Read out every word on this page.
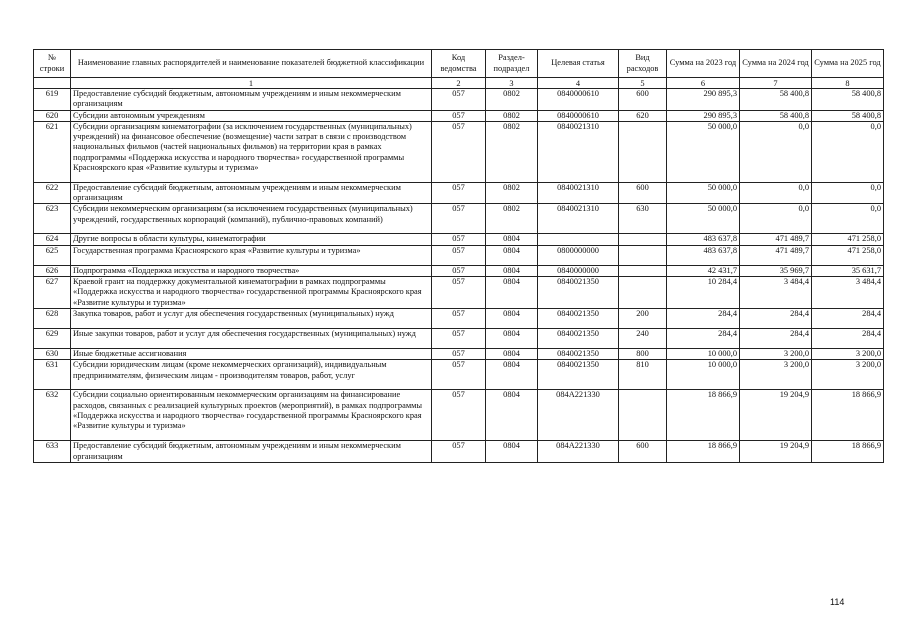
№ строки	Наименование главных распорядителей и наименование показателей бюджетной классификации	Код ведомства	Раздел-подраздел	Целевая статья	Вид расходов	Сумма на 2023 год	Сумма на 2024 год	Сумма на 2025 год
	1	2	3	4	5	6	7	8
619	Предоставление субсидий бюджетным, автономным учреждениям и иным некоммерческим организациям	057	0802	0840000610	600	290 895,3	58 400,8	58 400,8
620	Субсидии автономным учреждениям	057	0802	0840000610	620	290 895,3	58 400,8	58 400,8
621	Субсидии организациям кинематографии (за исключением государственных (муниципальных) учреждений) на финансовое обеспечение (возмещение) части затрат в связи с производством национальных фильмов (частей национальных фильмов) на территории края в рамках подпрограммы «Поддержка искусства и народного творчества» государственной программы Красноярского края «Развитие культуры и туризма»	057	0802	0840021310		50 000,0	0,0	0,0
622	Предоставление субсидий бюджетным, автономным учреждениям и иным некоммерческим организациям	057	0802	0840021310	600	50 000,0	0,0	0,0
623	Субсидии некоммерческим организациям (за исключением государственных (муниципальных) учреждений, государственных корпораций (компаний), публично-правовых компаний)	057	0802	0840021310	630	50 000,0	0,0	0,0
624	Другие вопросы в области культуры, кинематографии	057	0804			483 637,8	471 489,7	471 258,0
625	Государственная программа Красноярского края «Развитие культуры и туризма»	057	0804	0800000000		483 637,8	471 489,7	471 258,0
626	Подпрограмма «Поддержка искусства и народного творчества»	057	0804	0840000000		42 431,7	35 969,7	35 631,7
627	Краевой грант на поддержку документальной кинематографии в рамках подпрограммы «Поддержка искусства и народного творчества» государственной программы Красноярского края «Развитие культуры и туризма»	057	0804	0840021350		10 284,4	3 484,4	3 484,4
628	Закупка товаров, работ и услуг для обеспечения государственных (муниципальных) нужд	057	0804	0840021350	200	284,4	284,4	284,4
629	Иные закупки товаров, работ и услуг для обеспечения государственных (муниципальных) нужд	057	0804	0840021350	240	284,4	284,4	284,4
630	Иные бюджетные ассигнования	057	0804	0840021350	800	10 000,0	3 200,0	3 200,0
631	Субсидии юридическим лицам (кроме некоммерческих организаций), индивидуальным предпринимателям, физическим лицам - производителям товаров, работ, услуг	057	0804	0840021350	810	10 000,0	3 200,0	3 200,0
632	Субсидии социально ориентированным некоммерческим организациям на финансирование расходов, связанных с реализацией культурных проектов (мероприятий), в рамках подпрограммы «Поддержка искусства и народного творчества» государственной программы Красноярского края «Развитие культуры и туризма»	057	0804	084A221330		18 866,9	19 204,9	18 866,9
633	Предоставление субсидий бюджетным, автономным учреждениям и иным некоммерческим организациям	057	0804	084A221330	600	18 866,9	19 204,9	18 866,9
114
